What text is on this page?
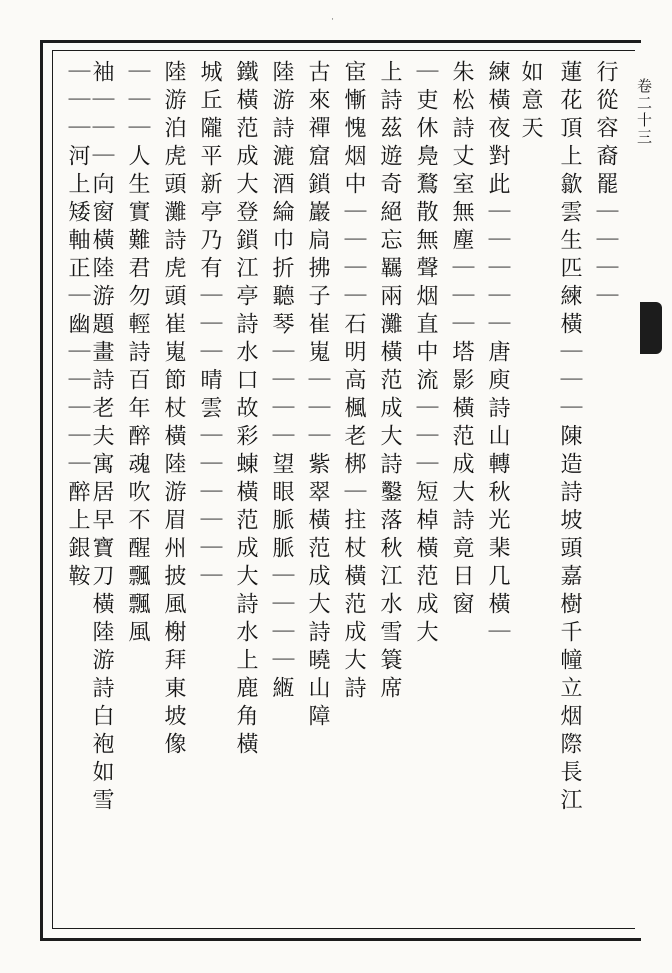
˙
卷二十三
行從容裔罷｜｜｜｜
蓮花頂上歙雲生匹練橫｜｜｜陳造詩坡頭嘉樹千幢立烟際長江
如意天
練橫夜對此｜｜｜｜｜唐庾詩山轉秋光棐几橫｜
朱松詩丈室無塵｜｜｜塔影橫范成大詩竟日窗
｜吏休鳧鶩散無聲烟直中流｜｜｜短棹橫范成大
上詩茲遊奇絕忘羈兩灘橫范成大詩鑿落秋江水雪簑席
宦慚愧烟中｜｜｜｜石明高楓老梆｜拄杖橫范成大詩
古來禪窟鎖巖扃拂子崔嵬｜｜｜紫翠橫范成大詩曉山障
陸游詩漉酒綸巾折聽琴｜｜｜｜望眼脈脈｜｜｜｜緪
鐵橫范成大登鎖江亭詩水口故彩蝀橫范成大詩水上鹿角橫
城丘隴平新亭乃有｜｜｜晴雲｜｜｜｜｜｜
陸游泊虎頭灘詩虎頭崔嵬節杖橫陸游眉州披風榭拜東坡像
｜｜｜人生實難君勿輕詩百年醉魂吹不醒飄飄風
袖｜｜｜向窗橫陸游題畫詩老夫寓居早寶刀橫陸游詩白袍如雪
｜｜｜河上矮軸正｜幽｜｜｜｜｜醉上銀鞍
